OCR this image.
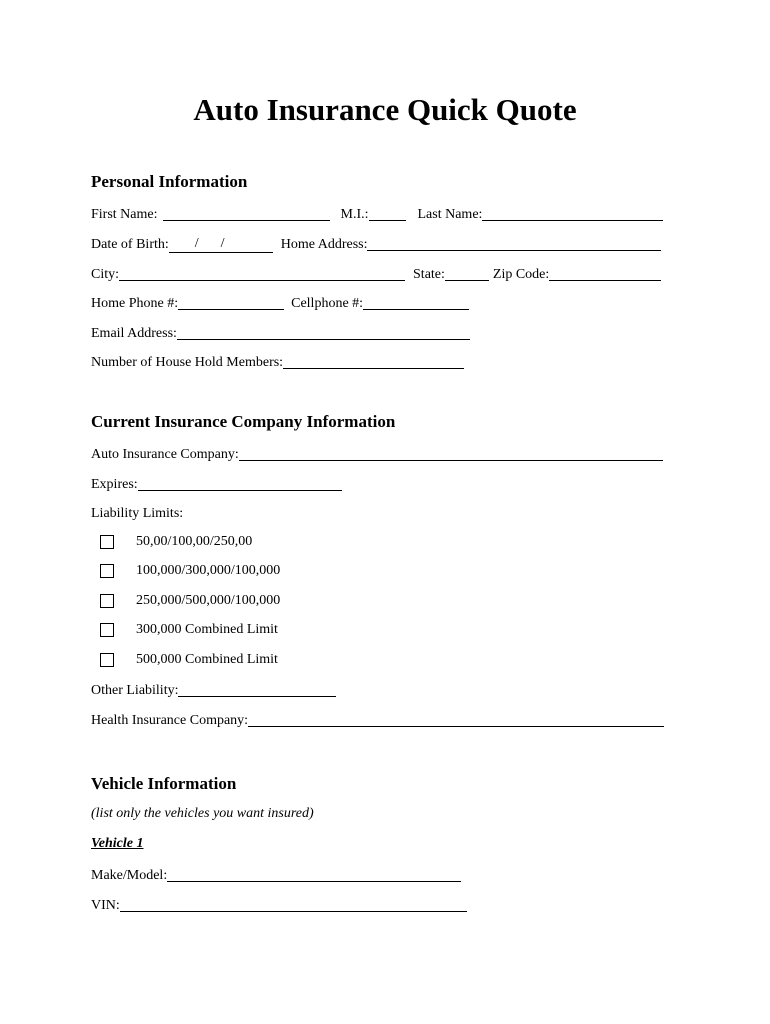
Auto Insurance Quick Quote
Personal Information
First Name:	M.I.:	Last Name:
Date of Birth:	/ /	Home Address:
City:	State:	Zip Code:
Home Phone #:	Cellphone #:
Email Address:
Number of House Hold Members:
Current Insurance Company Information
Auto Insurance Company:
Expires:
Liability Limits:
50,00/100,00/250,00
100,000/300,000/100,000
250,000/500,000/100,000
300,000 Combined Limit
500,000 Combined Limit
Other Liability:
Health Insurance Company:
Vehicle Information
(list only the vehicles you want insured)
Vehicle 1
Make/Model:
VIN:
